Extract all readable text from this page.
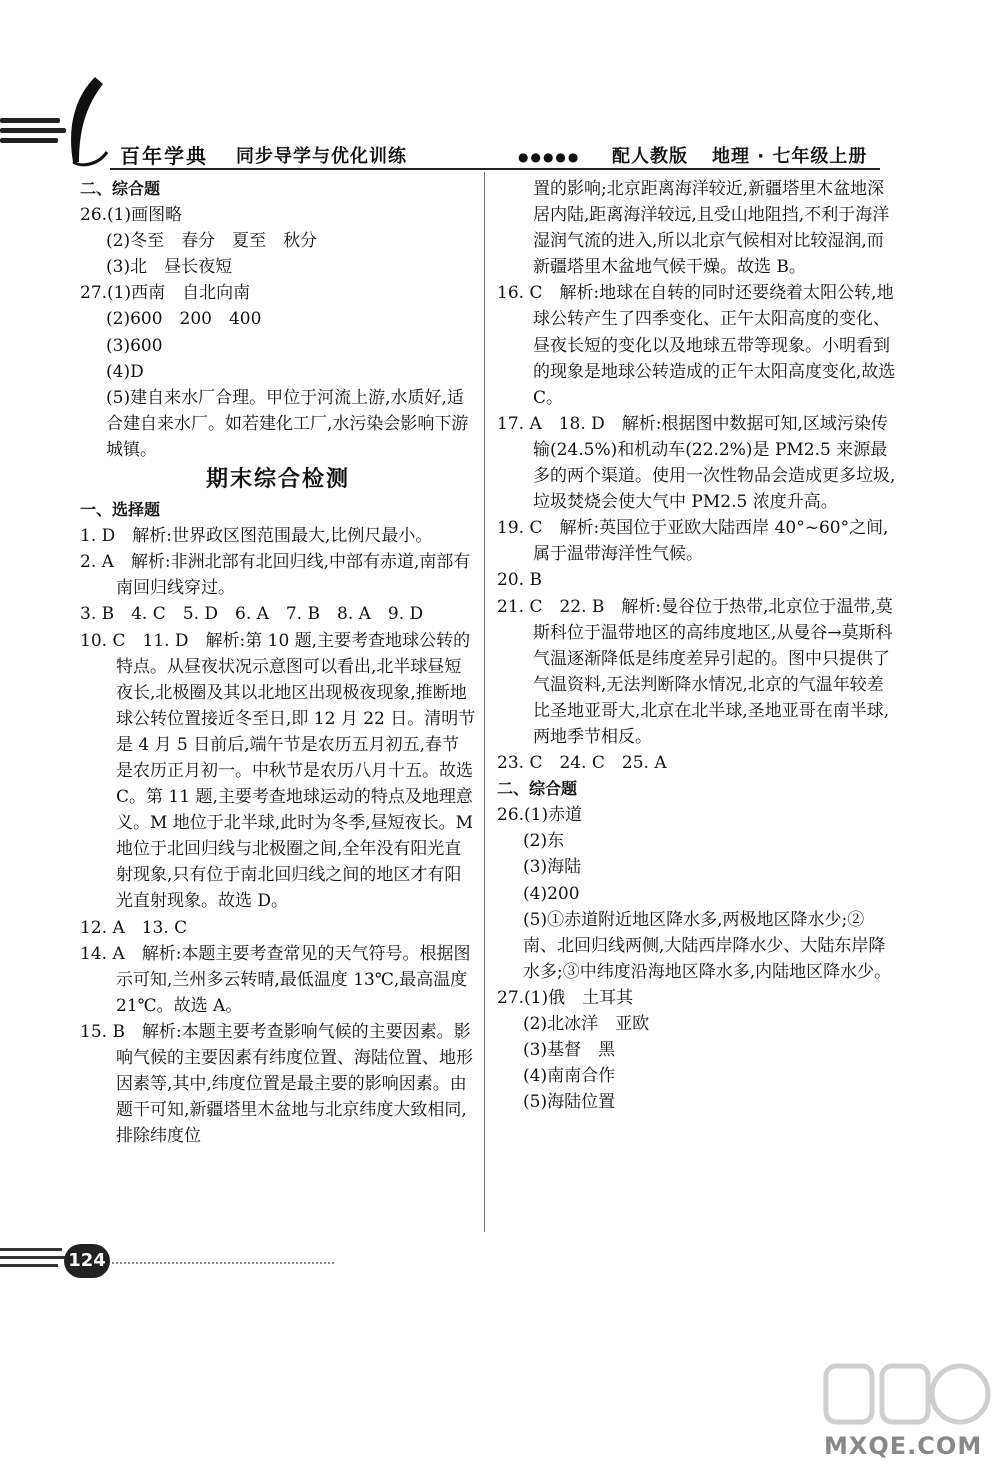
百年学典 同步导学与优化训练	●●●●● 配人教版 地理 · 七年级上册

二、综合题

26.(1)画图略

(2)冬至　春分　夏至　秋分

(3)北　昼长夜短

27.(1)西南　自北向南

(2)600　200　400

(3)600

(4)D

(5)建自来水厂合理。甲位于河流上游,水质好,适合建自来水厂。如若建化工厂,水污染会影响下游城镇。

期末综合检测

一、选择题

1. D　解析:世界政区图范围最大,比例尺最小。

2. A　解析:非洲北部有北回归线,中部有赤道,南部有南回归线穿过。

3. B　4. C　5. D　6. A　7. B　8. A　9. D

10. C　11. D　解析:第 10 题,主要考查地球公转的特点。从昼夜状况示意图可以看出,北半球昼短夜长,北极圈及其以北地区出现极夜现象,推断地球公转位置接近冬至日,即 12 月 22 日。清明节是 4 月 5 日前后,端午节是农历五月初五,春节是农历正月初一。中秋节是农历八月十五。故选 C。第 11 题,主要考查地球运动的特点及地理意义。M 地位于北半球,此时为冬季,昼短夜长。M 地位于北回归线与北极圈之间,全年没有阳光直射现象,只有位于南北回归线之间的地区才有阳光直射现象。故选 D。

12. A　13. C

14. A　解析:本题主要考查常见的天气符号。根据图示可知,兰州多云转晴,最低温度 13℃,最高温度 21℃。故选 A。

15. B　解析:本题主要考查影响气候的主要因素。影响气候的主要因素有纬度位置、海陆位置、地形因素等,其中,纬度位置是最主要的影响因素。由题干可知,新疆塔里木盆地与北京纬度大致相同,排除纬度位

置的影响;北京距离海洋较近,新疆塔里木盆地深居内陆,距离海洋较远,且受山地阻挡,不利于海洋湿润气流的进入,所以北京气候相对比较湿润,而新疆塔里木盆地气候干燥。故选 B。

16. C　解析:地球在自转的同时还要绕着太阳公转,地球公转产生了四季变化、正午太阳高度的变化、昼夜长短的变化以及地球五带等现象。小明看到的现象是地球公转造成的正午太阳高度变化,故选 C。

17. A　18. D　解析:根据图中数据可知,区域污染传输(24.5%)和机动车(22.2%)是 PM2.5 来源最多的两个渠道。使用一次性物品会造成更多垃圾,垃圾焚烧会使大气中 PM2.5 浓度升高。

19. C　解析:英国位于亚欧大陆西岸 40°~60°之间,属于温带海洋性气候。

20. B

21. C　22. B　解析:曼谷位于热带,北京位于温带,莫斯科位于温带地区的高纬度地区,从曼谷→莫斯科气温逐渐降低是纬度差异引起的。图中只提供了气温资料,无法判断降水情况,北京的气温年较差比圣地亚哥大,北京在北半球,圣地亚哥在南半球,两地季节相反。

23. C　24. C　25. A

二、综合题

26.(1)赤道

(2)东

(3)海陆

(4)200

(5)①赤道附近地区降水多,两极地区降水少;②南、北回归线两侧,大陆西岸降水少、大陆东岸降水多;③中纬度沿海地区降水多,内陆地区降水少。

27.(1)俄　土耳其

(2)北冰洋　亚欧

(3)基督　黑

(4)南南合作

(5)海陆位置

124
MXQE.COM
